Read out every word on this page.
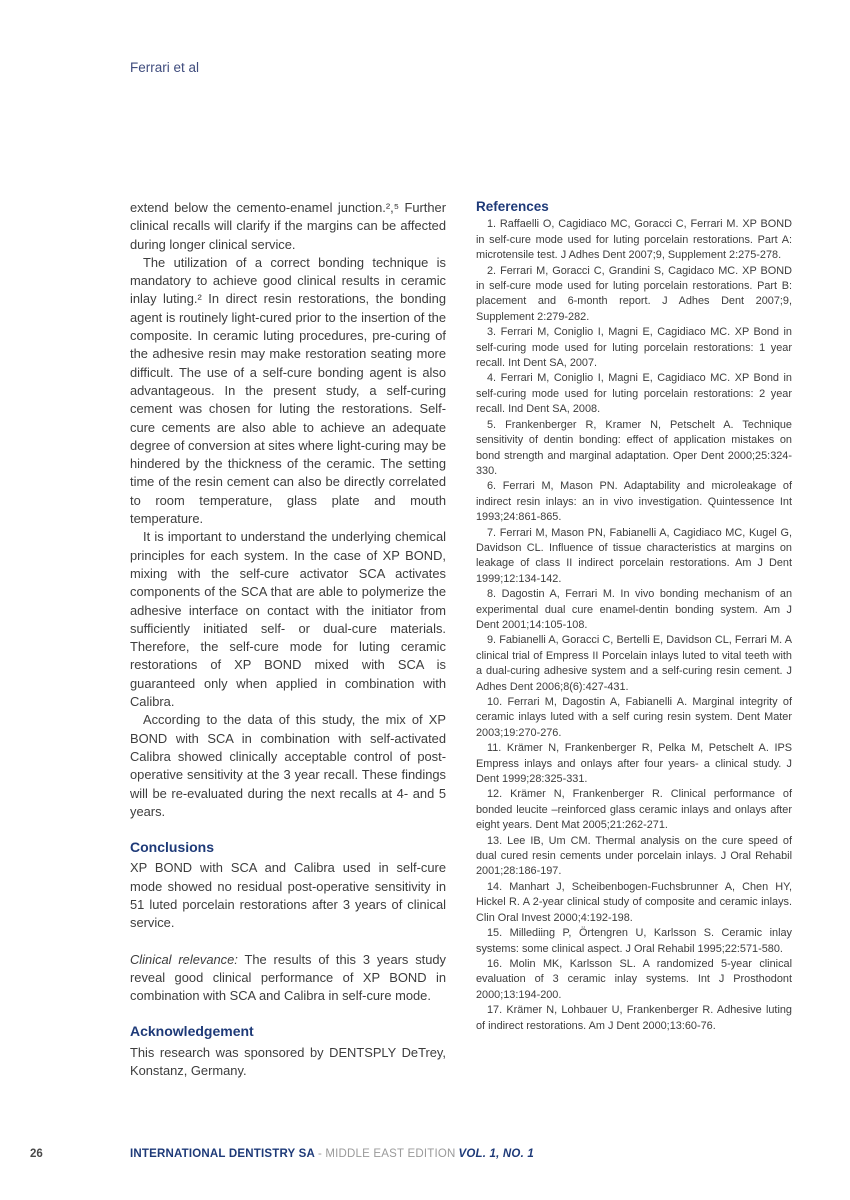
Ferrari et al

extend below the cemento-enamel junction.²,⁵ Further clinical recalls will clarify if the margins can be affected during longer clinical service.

The utilization of a correct bonding technique is mandatory to achieve good clinical results in ceramic inlay luting.² In direct resin restorations, the bonding agent is routinely light-cured prior to the insertion of the composite. In ceramic luting procedures, pre-curing of the adhesive resin may make restoration seating more difficult. The use of a self-cure bonding agent is also advantageous. In the present study, a self-curing cement was chosen for luting the restorations. Self-cure cements are also able to achieve an adequate degree of conversion at sites where light-curing may be hindered by the thickness of the ceramic. The setting time of the resin cement can also be directly correlated to room temperature, glass plate and mouth temperature.

It is important to understand the underlying chemical principles for each system. In the case of XP BOND, mixing with the self-cure activator SCA activates components of the SCA that are able to polymerize the adhesive interface on contact with the initiator from sufficiently initiated self- or dual-cure materials. Therefore, the self-cure mode for luting ceramic restorations of XP BOND mixed with SCA is guaranteed only when applied in combination with Calibra.

According to the data of this study, the mix of XP BOND with SCA in combination with self-activated Calibra showed clinically acceptable control of post-operative sensitivity at the 3 year recall. These findings will be re-evaluated during the next recalls at 4- and 5 years.

Conclusions

XP BOND with SCA and Calibra used in self-cure mode showed no residual post-operative sensitivity in 51 luted porcelain restorations after 3 years of clinical service.

Clinical relevance: The results of this 3 years study reveal good clinical performance of XP BOND in combination with SCA and Calibra in self-cure mode.

Acknowledgement

This research was sponsored by DENTSPLY DeTrey, Konstanz, Germany.

References

1. Raffaelli O, Cagidiaco MC, Goracci C, Ferrari M. XP BOND in self-cure mode used for luting porcelain restorations. Part A: microtensile test. J Adhes Dent 2007;9, Supplement 2:275-278.

2. Ferrari M, Goracci C, Grandini S, Cagidaco MC. XP BOND in self-cure mode used for luting porcelain restorations. Part B: placement and 6-month report. J Adhes Dent 2007;9, Supplement 2:279-282.

3. Ferrari M, Coniglio I, Magni E, Cagidiaco MC. XP Bond in self-curing mode used for luting porcelain restorations: 1 year recall. Int Dent SA, 2007.

4. Ferrari M, Coniglio I, Magni E, Cagidiaco MC. XP Bond in self-curing mode used for luting porcelain restorations: 2 year recall. Ind Dent SA, 2008.

5. Frankenberger R, Kramer N, Petschelt A. Technique sensitivity of dentin bonding: effect of application mistakes on bond strength and marginal adaptation. Oper Dent 2000;25:324-330.

6. Ferrari M, Mason PN. Adaptability and microleakage of indirect resin inlays: an in vivo investigation. Quintessence Int 1993;24:861-865.

7. Ferrari M, Mason PN, Fabianelli A, Cagidiaco MC, Kugel G, Davidson CL. Influence of tissue characteristics at margins on leakage of class II indirect porcelain restorations. Am J Dent 1999;12:134-142.

8. Dagostin A, Ferrari M. In vivo bonding mechanism of an experimental dual cure enamel-dentin bonding system. Am J Dent 2001;14:105-108.

9. Fabianelli A, Goracci C, Bertelli E, Davidson CL, Ferrari M. A clinical trial of Empress II Porcelain inlays luted to vital teeth with a dual-curing adhesive system and a self-curing resin cement. J Adhes Dent 2006;8(6):427-431.

10. Ferrari M, Dagostin A, Fabianelli A. Marginal integrity of ceramic inlays luted with a self curing resin system. Dent Mater 2003;19:270-276.

11. Krämer N, Frankenberger R, Pelka M, Petschelt A. IPS Empress inlays and onlays after four years- a clinical study. J Dent 1999;28:325-331.

12. Krämer N, Frankenberger R. Clinical performance of bonded leucite –reinforced glass ceramic inlays and onlays after eight years. Dent Mat 2005;21:262-271.

13. Lee IB, Um CM. Thermal analysis on the cure speed of dual cured resin cements under porcelain inlays. J Oral Rehabil 2001;28:186-197.

14. Manhart J, Scheibenbogen-Fuchsbrunner A, Chen HY, Hickel R. A 2-year clinical study of composite and ceramic inlays. Clin Oral Invest 2000;4:192-198.

15. Millediing P, Örtengren U, Karlsson S. Ceramic inlay systems: some clinical aspect. J Oral Rehabil 1995;22:571-580.

16. Molin MK, Karlsson SL. A randomized 5-year clinical evaluation of 3 ceramic inlay systems. Int J Prosthodont 2000;13:194-200.

17. Krämer N, Lohbauer U, Frankenberger R. Adhesive luting of indirect restorations. Am J Dent 2000;13:60-76.

26	INTERNATIONAL DENTISTRY SA - MIDDLE EAST EDITION VOL. 1, NO. 1
